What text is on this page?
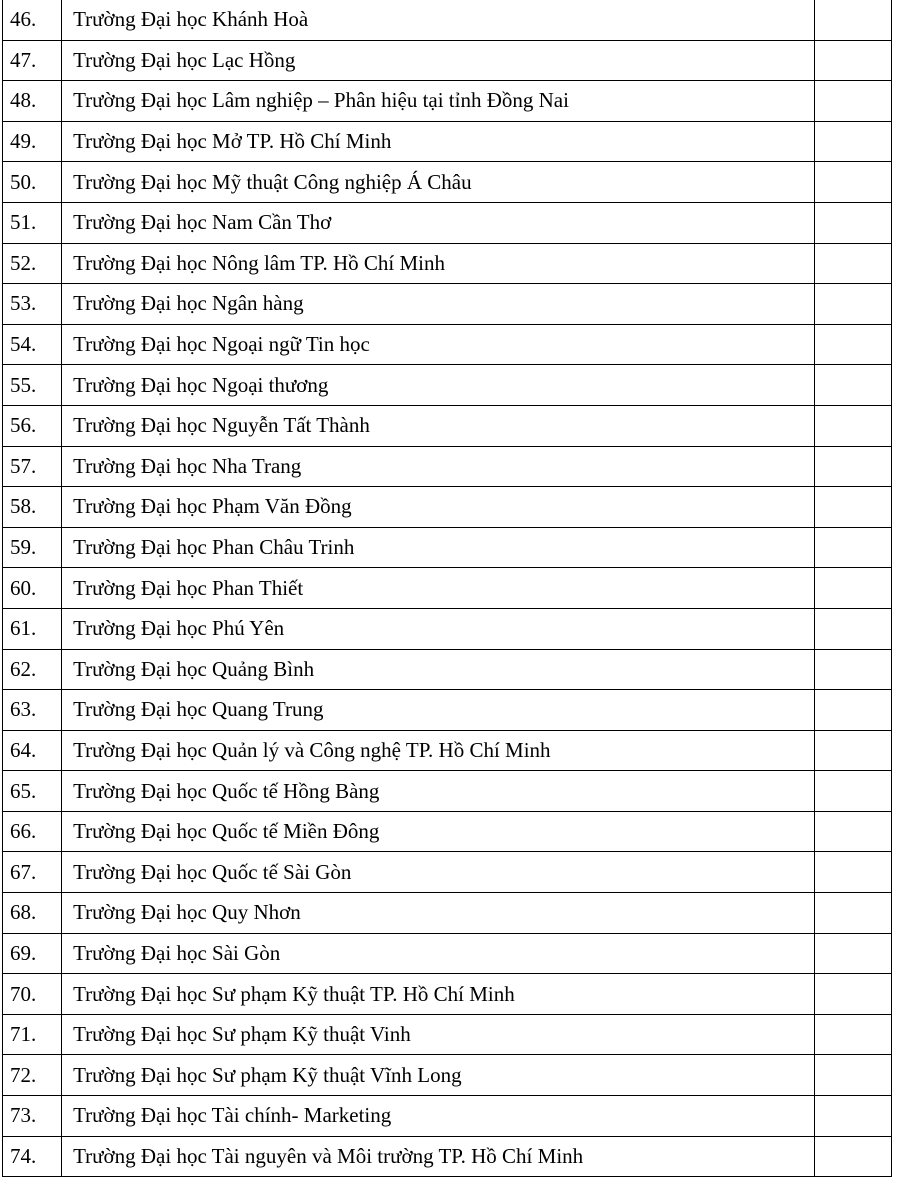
46.	Trường Đại học Khánh Hoà	
47.	Trường Đại học Lạc Hồng	
48.	Trường Đại học Lâm nghiệp – Phân hiệu tại tỉnh Đồng Nai	
49.	Trường Đại học Mở TP. Hồ Chí Minh	
50.	Trường Đại học Mỹ thuật Công nghiệp Á Châu	
51.	Trường Đại học Nam Cần Thơ	
52.	Trường Đại học Nông lâm TP. Hồ Chí Minh	
53.	Trường Đại học Ngân hàng	
54.	Trường Đại học Ngoại ngữ Tin học	
55.	Trường Đại học Ngoại thương	
56.	Trường Đại học Nguyễn Tất Thành	
57.	Trường Đại học Nha Trang	
58.	Trường Đại học Phạm Văn Đồng	
59.	Trường Đại học Phan Châu Trinh	
60.	Trường Đại học Phan Thiết	
61.	Trường Đại học Phú Yên	
62.	Trường Đại học Quảng Bình	
63.	Trường Đại học Quang Trung	
64.	Trường Đại học Quản lý và Công nghệ TP. Hồ Chí Minh	
65.	Trường Đại học Quốc tế Hồng Bàng	
66.	Trường Đại học Quốc tế Miền Đông	
67.	Trường Đại học Quốc tế Sài Gòn	
68.	Trường Đại học Quy Nhơn	
69.	Trường Đại học Sài Gòn	
70.	Trường Đại học Sư phạm Kỹ thuật TP. Hồ Chí Minh	
71.	Trường Đại học Sư phạm Kỹ thuật Vinh	
72.	Trường Đại học Sư phạm Kỹ thuật Vĩnh Long	
73.	Trường Đại học Tài chính- Marketing	
74.	Trường Đại học Tài nguyên và Môi trường TP. Hồ Chí Minh	
